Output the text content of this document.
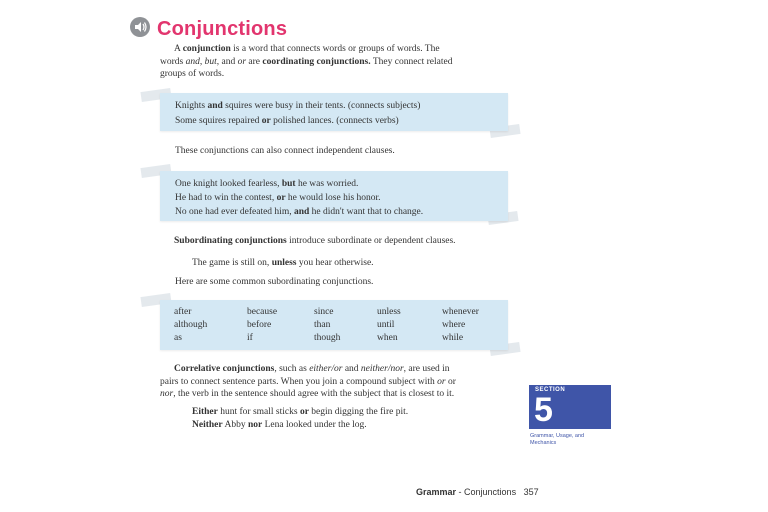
Conjunctions
A conjunction is a word that connects words or groups of words. The words and, but, and or are coordinating conjunctions. They connect related groups of words.
Knights and squires were busy in their tents. (connects subjects)
Some squires repaired or polished lances. (connects verbs)
These conjunctions can also connect independent clauses.
One knight looked fearless, but he was worried.
He had to win the contest, or he would lose his honor.
No one had ever defeated him, and he didn't want that to change.
Subordinating conjunctions introduce subordinate or dependent clauses.
The game is still on, unless you hear otherwise.
Here are some common subordinating conjunctions.
after	because	since	unless	whenever
although	before	than	until	where
as	if	though	when	while
Correlative conjunctions, such as either/or and neither/nor, are used in pairs to connect sentence parts. When you join a compound subject with or or nor, the verb in the sentence should agree with the subject that is closest to it.
Either hunt for small sticks or begin digging the fire pit.
Neither Abby nor Lena looked under the log.
SECTION
5
Grammar, Usage, and Mechanics
Grammar - Conjunctions 357
